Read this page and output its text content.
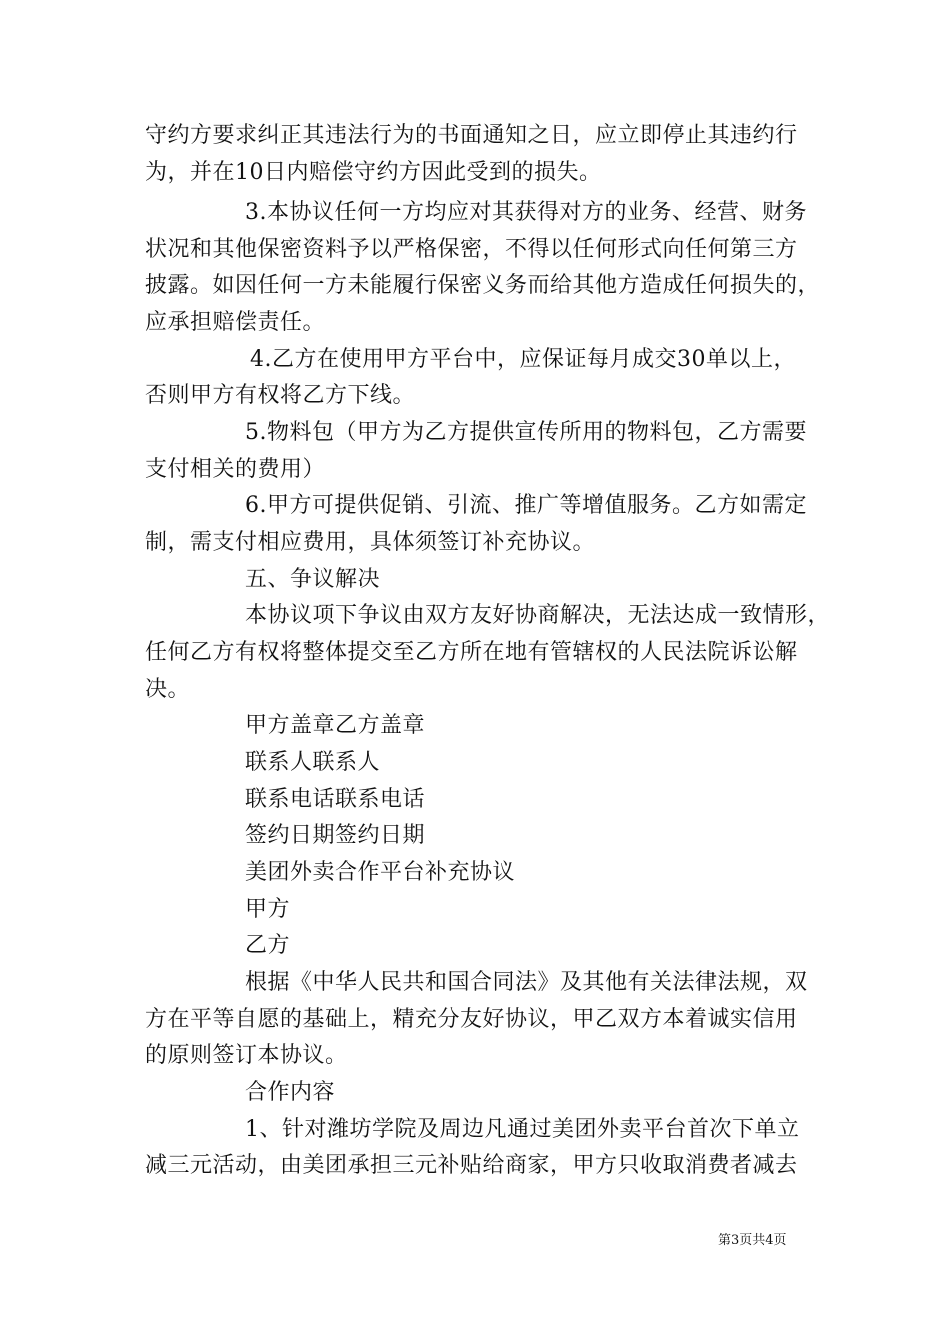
守约方要求纠正其违法行为的书面通知之日，应立即停止其违约行
为，并在10日内赔偿守约方因此受到的损失。
3.本协议任何一方均应对其获得对方的业务、经营、财务
状况和其他保密资料予以严格保密，不得以任何形式向任何第三方
披露。如因任何一方未能履行保密义务而给其他方造成任何损失的，
应承担赔偿责任。
4.乙方在使用甲方平台中，应保证每月成交30单以上，
否则甲方有权将乙方下线。
5.物料包（甲方为乙方提供宣传所用的物料包，乙方需要
支付相关的费用）
6.甲方可提供促销、引流、推广等增值服务。乙方如需定
制，需支付相应费用，具体须签订补充协议。
五、争议解决
本协议项下争议由双方友好协商解决，无法达成一致情形，
任何乙方有权将整体提交至乙方所在地有管辖权的人民法院诉讼解
决。
甲方盖章乙方盖章
联系人联系人
联系电话联系电话
签约日期签约日期
美团外卖合作平台补充协议
甲方
乙方
根据《中华人民共和国合同法》及其他有关法律法规，双
方在平等自愿的基础上，精充分友好协议，甲乙双方本着诚实信用
的原则签订本协议。
合作内容
1、针对潍坊学院及周边凡通过美团外卖平台首次下单立
减三元活动，由美团承担三元补贴给商家，甲方只收取消费者减去
第3页共4页
